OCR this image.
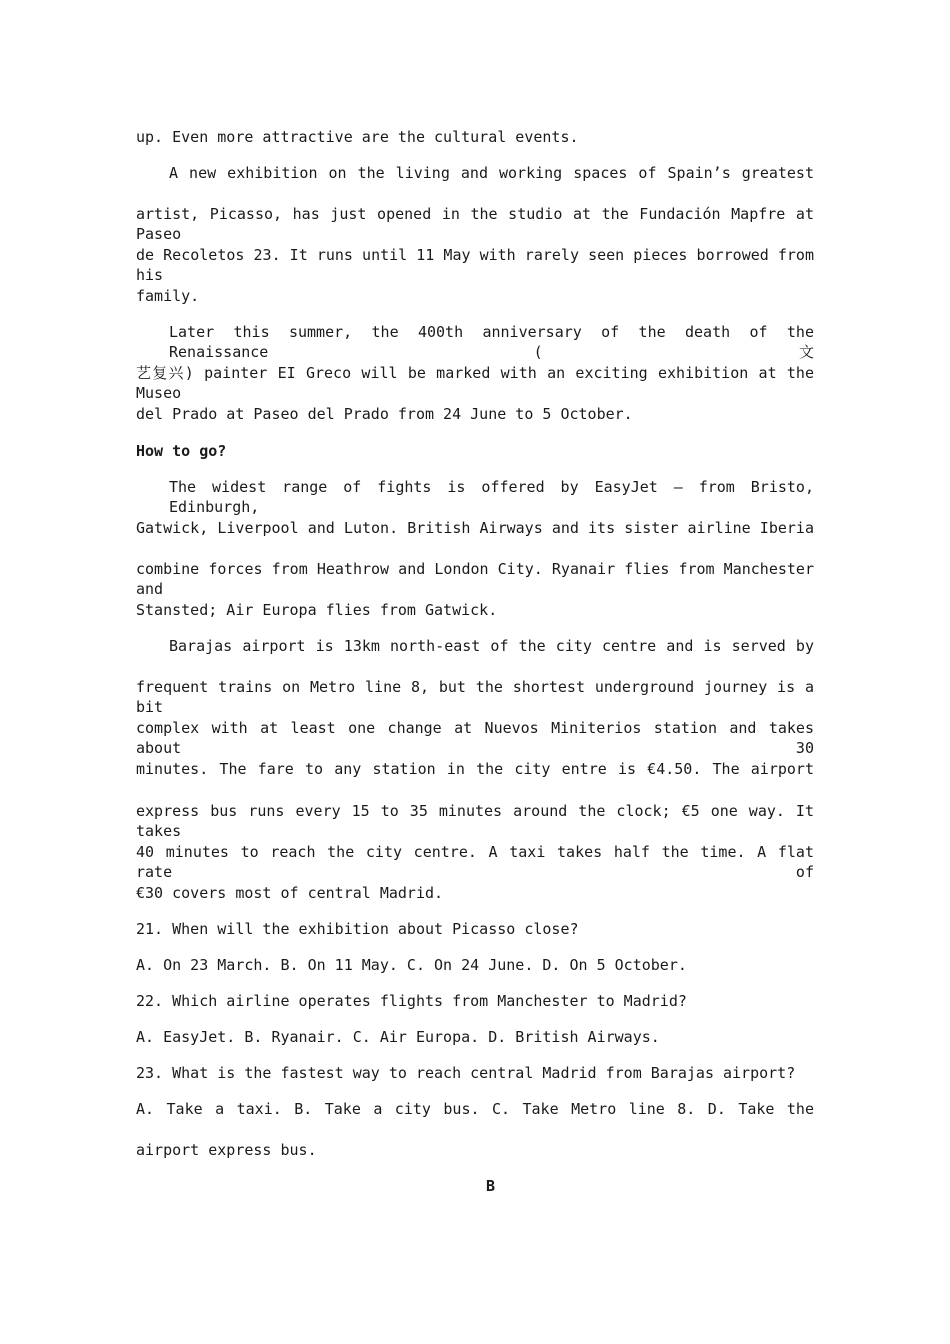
up. Even more attractive are the cultural events.
A new exhibition on the living and working spaces of Spain’s greatest
artist, Picasso, has just opened in the studio at the Fundación Mapfre at Paseo
de Recoletos 23. It runs until 11 May with rarely seen pieces borrowed from his
family.
Later this summer, the 400th anniversary of the death of the Renaissance (文
艺复兴) painter EI Greco will be marked with an exciting exhibition at the Museo
del Prado at Paseo del Prado from 24 June to 5 October.
How to go?
The widest range of fights is offered by EasyJet — from Bristo, Edinburgh,
Gatwick, Liverpool and Luton. British Airways and its sister airline Iberia
combine forces from Heathrow and London City. Ryanair flies from Manchester and
Stansted; Air Europa flies from Gatwick.
Barajas airport is 13km north-east of the city centre and is served by
frequent trains on Metro line 8, but the shortest underground journey is a bit
complex with at least one change at Nuevos Miniterios station and takes about 30
minutes. The fare to any station in the city entre is €4.50. The airport
express bus runs every 15 to 35 minutes around the clock; €5 one way. It takes
40 minutes to reach the city centre. A taxi takes half the time. A flat rate of
€30 covers most of central Madrid.
21. When will the exhibition about Picasso close?
A. On 23 March. B. On 11 May. C. On 24 June. D. On 5 October.
22. Which airline operates flights from Manchester to Madrid?
A. EasyJet. B. Ryanair. C. Air Europa. D. British Airways.
23. What is the fastest way to reach central Madrid from Barajas airport?
A. Take a taxi. B. Take a city bus. C. Take Metro line 8. D. Take the
airport express bus.
B
